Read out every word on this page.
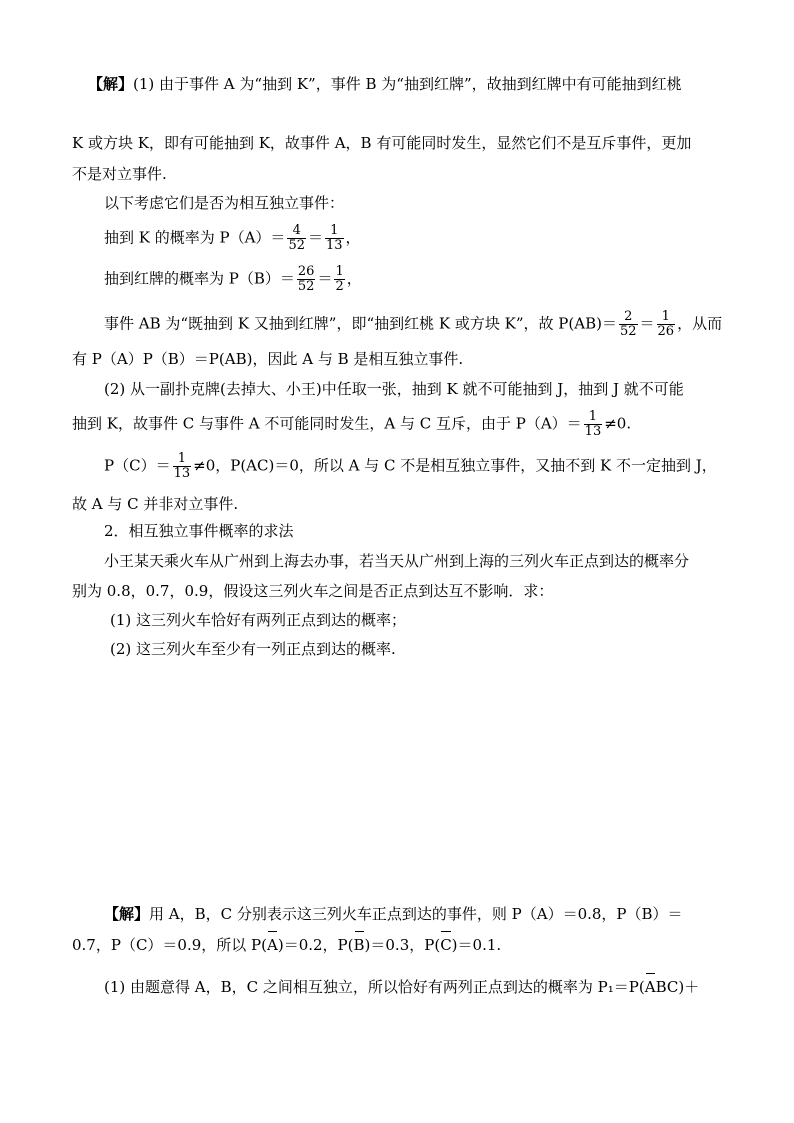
【解】(1) 由于事件 A 为“抽到 K”，事件 B 为“抽到红牌”，故抽到红牌中有可能抽到红桃
K 或方块 K，即有可能抽到 K，故事件 A，B 有可能同时发生，显然它们不是互斥事件，更加
不是对立事件.
以下考虑它们是否为相互独立事件：
抽到 K 的概率为 $P(A)= \frac{4}{52} = \frac{1}{13}$ ，
抽到红牌的概率为 $P(B)= \frac{26}{52} = \frac{1}{2}$ ，
事件 AB 为“既抽到 K 又抽到红牌”，即“抽到红桃 K 或方块 K”，故 $P(AB)= \frac{2}{52} = \frac{1}{26}$ ，从而
有 P（A）P（B）＝P(AB)，因此 A 与 B 是相互独立事件.
(2) 从一副扑克牌(去掉大、小王)中任取一张，抽到 K 就不可能抽到 J，抽到 J 就不可能
抽到 K，故事件 C 与事件 A 不可能同时发生，A 与 C 互斥，由于 $P(A)= \frac{1}{13} \ne 0$.
$P(C)= \frac{1}{13} \ne 0$，P(AC)＝0，所以 A 与 C 不是相互独立事件，又抽不到 K 不一定抽到 J，
故 A 与 C 并非对立事件.
2．相互独立事件概率的求法
小王某天乘火车从广州到上海去办事，若当天从广州到上海的三列火车正点到达的概率分
别为 0.8，0.7，0.9，假设这三列火车之间是否正点到达互不影响．求：
(1) 这三列火车恰好有两列正点到达的概率；
(2) 这三列火车至少有一列正点到达的概率.
【解】用 A，B，C 分别表示这三列火车正点到达的事件，则 P（A）＝0.8，P（B）＝
0.7，P（C）＝0.9，所以 P(A)＝0.2，P(B)＝0.3，P(C)＝0.1.
(1) 由题意得 A，B，C 之间相互独立，所以恰好有两列正点到达的概率为 P₁＝P(ABC)＋
